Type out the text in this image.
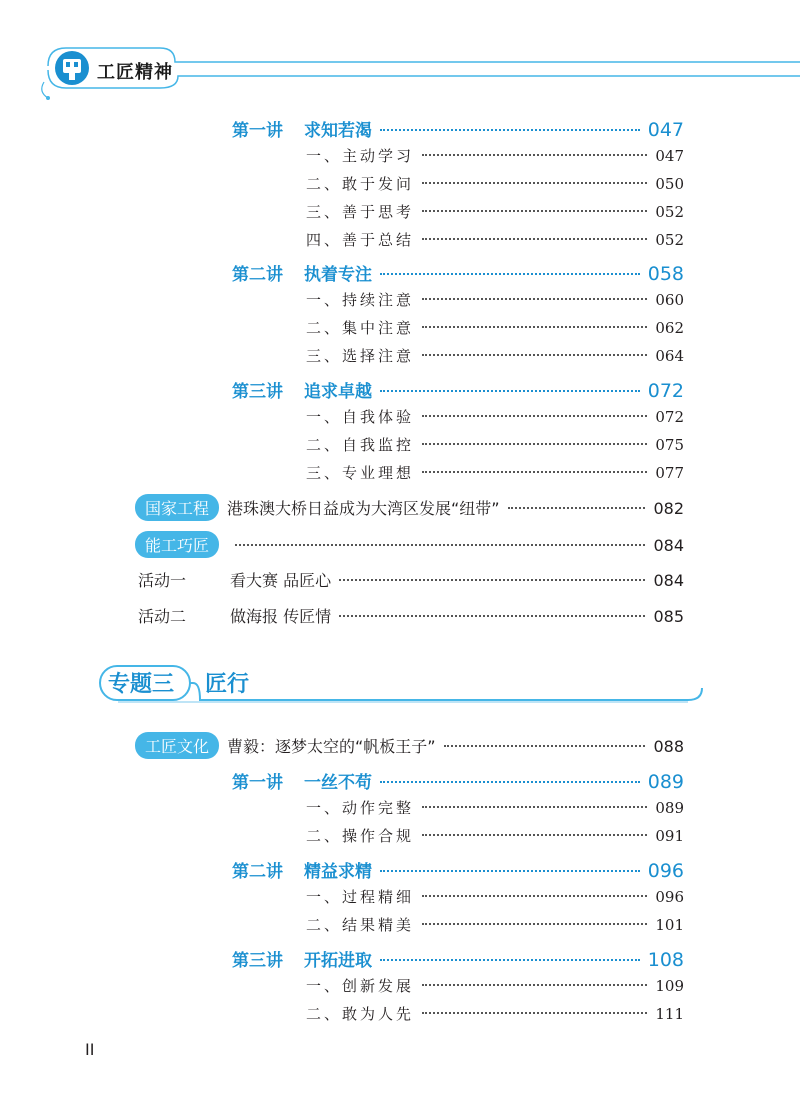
工匠精神
第一讲	求知若渴	047
一、主动学习	047
二、敢于发问	050
三、善于思考	052
四、善于总结	052
第二讲	执着专注	058
一、持续注意	060
二、集中注意	062
三、选择注意	064
第三讲	追求卓越	072
一、自我体验	072
二、自我监控	075
三、专业理想	077
国家工程	港珠澳大桥日益成为大湾区发展“纽带”	082
能工巧匠	084
活动一	看大赛 品匠心	084
活动二	做海报 传匠情	085
专题三 匠行
工匠文化	曹毅：逐梦太空的“帆板王子”	088
第一讲	一丝不苟	089
一、动作完整	089
二、操作合规	091
第二讲	精益求精	096
一、过程精细	096
二、结果精美	101
第三讲	开拓进取	108
一、创新发展	109
二、敢为人先	111
II
